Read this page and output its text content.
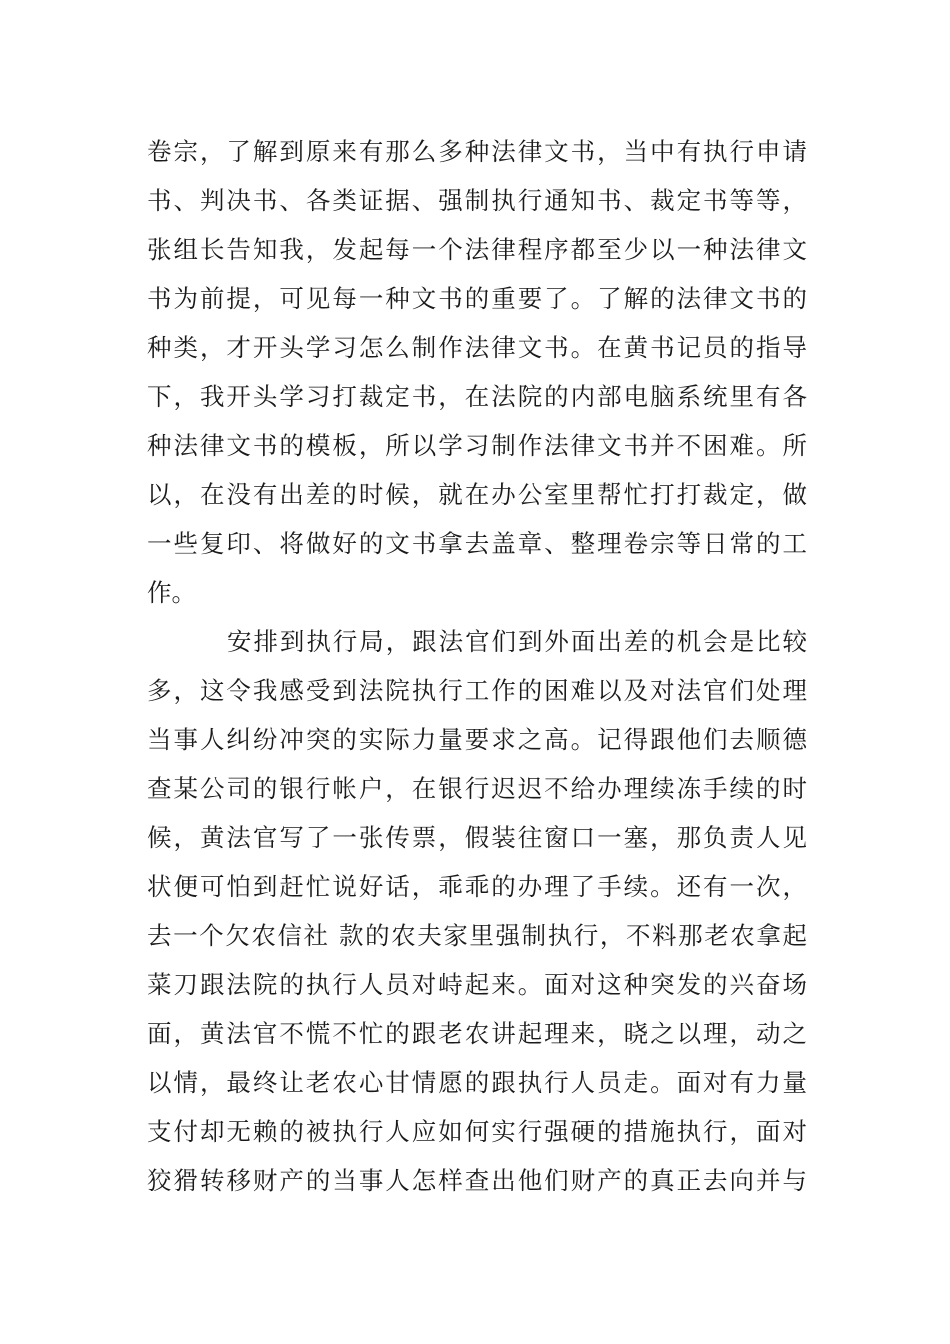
卷宗，了解到原来有那么多种法律文书，当中有执行申请
书、判决书、各类证据、强制执行通知书、裁定书等等，
张组长告知我，发起每一个法律程序都至少以一种法律文
书为前提，可见每一种文书的重要了。了解的法律文书的
种类，才开头学习怎么制作法律文书。在黄书记员的指导
下，我开头学习打裁定书，在法院的内部电脑系统里有各
种法律文书的模板，所以学习制作法律文书并不困难。所
以，在没有出差的时候，就在办公室里帮忙打打裁定，做
一些复印、将做好的文书拿去盖章、整理卷宗等日常的工
作。
安排到执行局，跟法官们到外面出差的机会是比较
多，这令我感受到法院执行工作的困难以及对法官们处理
当事人纠纷冲突的实际力量要求之高。记得跟他们去顺德
查某公司的银行帐户，在银行迟迟不给办理续冻手续的时
候，黄法官写了一张传票，假装往窗口一塞，那负责人见
状便可怕到赶忙说好话，乖乖的办理了手续。还有一次，
去一个欠农信社 款的农夫家里强制执行，不料那老农拿起
菜刀跟法院的执行人员对峙起来。面对这种突发的兴奋场
面，黄法官不慌不忙的跟老农讲起理来，晓之以理，动之
以情，最终让老农心甘情愿的跟执行人员走。面对有力量
支付却无赖的被执行人应如何实行强硬的措施执行，面对
狡猾转移财产的当事人怎样查出他们财产的真正去向并与
